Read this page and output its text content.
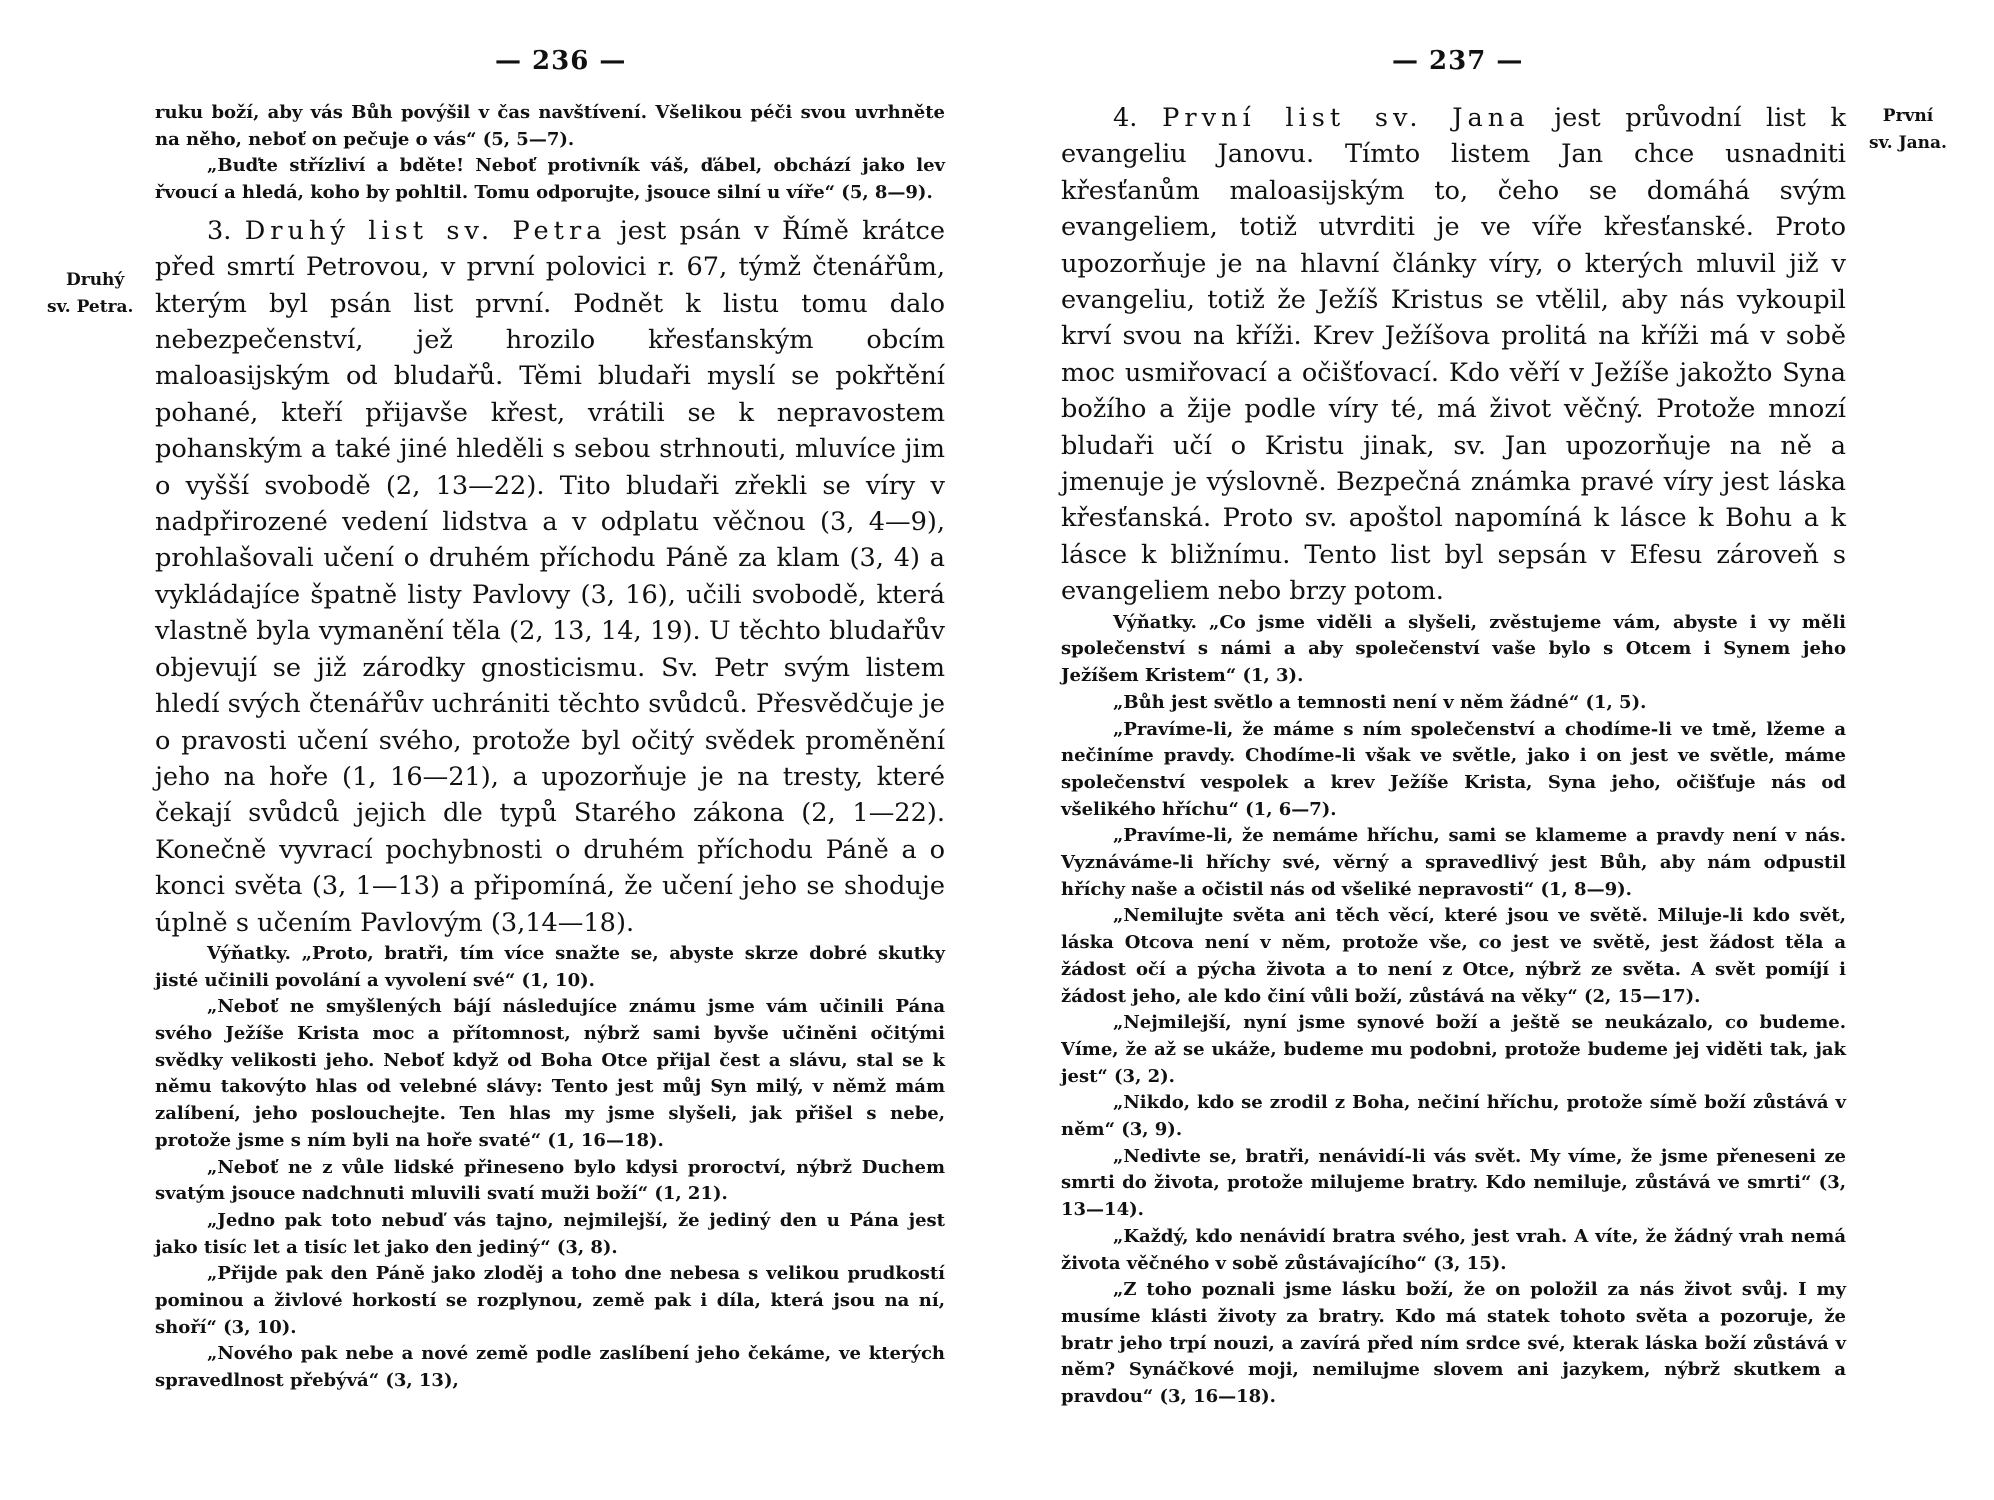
— 236 —

ruku boží, aby vás Bůh povýšil v čas navštívení. Všelikou péči svou uvrhněte na něho, neboť on pečuje o vás“ (5, 5—7).

„Buďte střízliví a bděte! Neboť protivník váš, ďábel, obchází jako lev řvoucí a hledá, koho by pohltil. Tomu odporujte, jsouce silní u víře“ (5, 8—9).

3. Druhý list sv. Petra jest psán v Římě krátce před smrtí Petrovou, v první polovici r. 67, týmž čtenářům, kterým byl psán list první. Podnět k listu tomu dalo nebezpečenství, jež hrozilo křesťanským obcím maloasijským od bludařů. Těmi bludaři myslí se pokřtění pohané, kteří přijavše křest, vrátili se k nepravostem pohanským a také jiné hleděli s sebou strhnouti, mluvíce jim o vyšší svobodě (2, 13—22). Tito bludaři zřekli se víry v nadpřirozené vedení lidstva a v odplatu věčnou (3, 4—9), prohlašovali učení o druhém příchodu Páně za klam (3, 4) a vykládajíce špatně listy Pavlovy (3, 16), učili svobodě, která vlastně byla vymanění těla (2, 13, 14, 19). U těchto bludařův objevují se již zárodky gnosticismu. Sv. Petr svým listem hledí svých čtenářův uchrániti těchto svůdců. Přesvědčuje je o pravosti učení svého, protože byl očitý svědek proměnění jeho na hoře (1, 16—21), a upozorňuje je na tresty, které čekají svůdců jejich dle typů Starého zákona (2, 1—22). Konečně vyvrací pochybnosti o druhém příchodu Páně a o konci světa (3, 1—13) a připomíná, že učení jeho se shoduje úplně s učením Pavlovým (3,14—18).

Výňatky. „Proto, bratři, tím více snažte se, abyste skrze dobré skutky jisté učinili povolání a vyvolení své“ (1, 10).

„Neboť ne smyšlených bájí následujíce známu jsme vám učinili Pána svého Ježíše Krista moc a přítomnost, nýbrž sami byvše učiněni očitými svědky velikosti jeho. Neboť když od Boha Otce přijal čest a slávu, stal se k němu takovýto hlas od velebné slávy: Tento jest můj Syn milý, v němž mám zalíbení, jeho poslouchejte. Ten hlas my jsme slyšeli, jak přišel s nebe, protože jsme s ním byli na hoře svaté“ (1, 16—18).

„Neboť ne z vůle lidské přineseno bylo kdysi proroctví, nýbrž Duchem svatým jsouce nadchnuti mluvili svatí muži boží“ (1, 21).

„Jedno pak toto nebuď vás tajno, nejmilejší, že jediný den u Pána jest jako tisíc let a tisíc let jako den jediný“ (3, 8).

„Přijde pak den Páně jako zloděj a toho dne nebesa s velikou prudkostí pominou a živlové horkostí se rozplynou, země pak i díla, která jsou na ní, shoří“ (3, 10).

„Nového pak nebe a nové země podle zaslíbení jeho čekáme, ve kterých spravedlnost přebývá“ (3, 13),

Druhý
sv. Petra.
— 237 —

4. První list sv. Jana jest průvodní list k evangeliu Janovu. Tímto listem Jan chce usnadniti křesťanům maloasijským to, čeho se domáhá svým evangeliem, totiž utvrditi je ve víře křesťanské. Proto upozorňuje je na hlavní články víry, o kterých mluvil již v evangeliu, totiž že Ježíš Kristus se vtělil, aby nás vykoupil krví svou na kříži. Krev Ježíšova prolitá na kříži má v sobě moc usmiřovací a očišťovací. Kdo věří v Ježíše jakožto Syna božího a žije podle víry té, má život věčný. Protože mnozí bludaři učí o Kristu jinak, sv. Jan upozorňuje na ně a jmenuje je výslovně. Bezpečná známka pravé víry jest láska křesťanská. Proto sv. apoštol napomíná k lásce k Bohu a k lásce k bližnímu. Tento list byl sepsán v Efesu zároveň s evangeliem nebo brzy potom.

Výňatky. „Co jsme viděli a slyšeli, zvěstujeme vám, abyste i vy měli společenství s námi a aby společenství vaše bylo s Otcem i Synem jeho Ježíšem Kristem“ (1, 3).

„Bůh jest světlo a temnosti není v něm žádné“ (1, 5).

„Pravíme-li, že máme s ním společenství a chodíme-li ve tmě, lžeme a nečiníme pravdy. Chodíme-li však ve světle, jako i on jest ve světle, máme společenství vespolek a krev Ježíše Krista, Syna jeho, očišťuje nás od všelikého hříchu“ (1, 6—7).

„Pravíme-li, že nemáme hříchu, sami se klameme a pravdy není v nás. Vyznáváme-li hříchy své, věrný a spravedlivý jest Bůh, aby nám odpustil hříchy naše a očistil nás od všeliké nepravosti“ (1, 8—9).

„Nemilujte světa ani těch věcí, které jsou ve světě. Miluje-li kdo svět, láska Otcova není v něm, protože vše, co jest ve světě, jest žádost těla a žádost očí a pýcha života a to není z Otce, nýbrž ze světa. A svět pomíjí i žádost jeho, ale kdo činí vůli boží, zůstává na věky“ (2, 15—17).

„Nejmilejší, nyní jsme synové boží a ještě se neukázalo, co budeme. Víme, že až se ukáže, budeme mu podobni, protože budeme jej viděti tak, jak jest“ (3, 2).

„Nikdo, kdo se zrodil z Boha, nečiní hříchu, protože símě boží zůstává v něm“ (3, 9).

„Nedivte se, bratři, nenávidí-li vás svět. My víme, že jsme přeneseni ze smrti do života, protože milujeme bratry. Kdo nemiluje, zůstává ve smrti“ (3, 13—14).

„Každý, kdo nenávidí bratra svého, jest vrah. A víte, že žádný vrah nemá života věčného v sobě zůstávajícího“ (3, 15).

„Z toho poznali jsme lásku boží, že on položil za nás život svůj. I my musíme klásti životy za bratry. Kdo má statek tohoto světa a pozoruje, že bratr jeho trpí nouzi, a zavírá před ním srdce své, kterak láska boží zůstává v něm? Synáčkové moji, nemilujme slovem ani jazykem, nýbrž skutkem a pravdou“ (3, 16—18).

První
sv. Jana.
